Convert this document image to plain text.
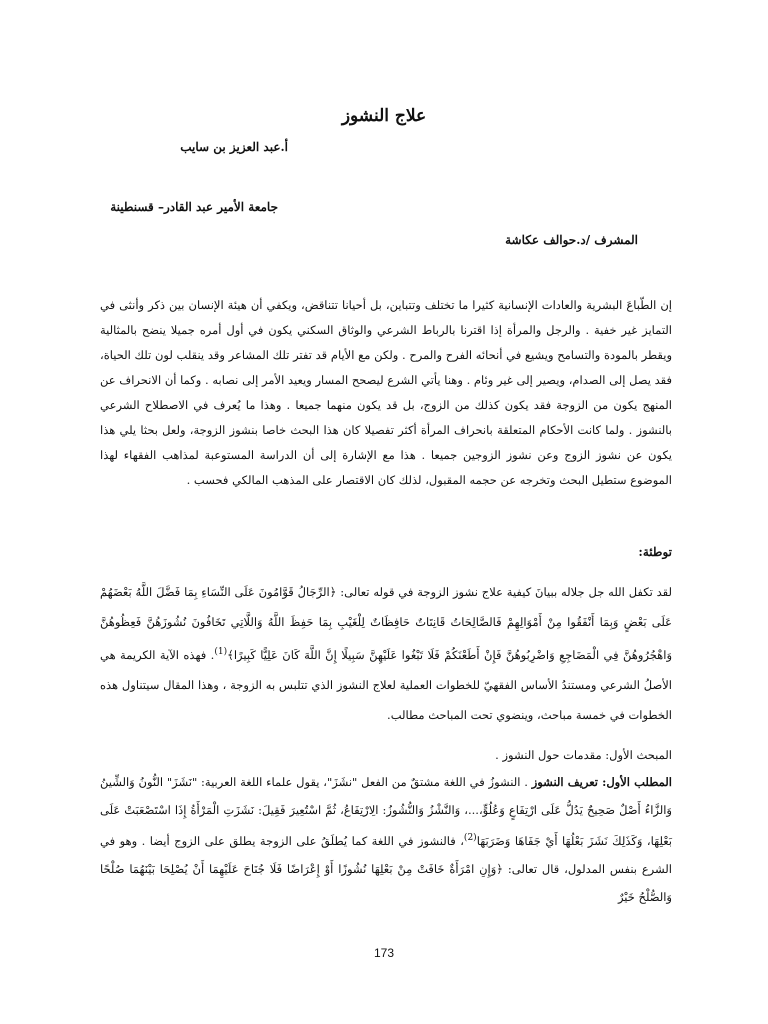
علاج النشوز
أ.عبد العزيز بن سايب
جامعة الأمير عبد القادر– قسنطينة
المشرف /د.حوالف عكاشة
إن الطّباعَ البشرية والعادات الإنسانية كثيرا ما تختلف وتتباين، بل أحيانا تتناقض، ويكفي أن هيئة الإنسان بين ذكر وأنثى في التمايز غير خفية . والرجل والمرأة إذا اقترنا بالرباط الشرعي والوثاق السكني يكون في أول أمره جميلا ينضح بالمثالية ويقطر بالمودة والتسامح ويشيع في أنحائه الفرح والمرح . ولكن مع الأيام قد تفتر تلك المشاعر وقد ينقلب لون تلك الحياة، فقد يصل إلى الصدام، ويصير إلى غير وئام . وهنا يأتي الشرع ليصحح المسار ويعيد الأمر إلى نصابه . وكما أن الانحراف عن المنهج يكون من الزوجة فقد يكون كذلك من الزوج، بل قد يكون منهما جميعا . وهذا ما يُعرف في الاصطلاح الشرعي بالنشوز . ولما كانت الأحكام المتعلقة بانحراف المرأة أكثر تفصيلا كان هذا البحث خاصا بنشوز الزوجة، ولعل بحثا يلي هذا يكون عن نشوز الزوج وعن نشوز الزوجين جميعا . هذا مع الإشارة إلى أن الدراسة المستوعبة لمذاهب الفقهاء لهذا الموضوع ستطيل البحث وتخرجه عن حجمه المقبول، لذلك كان الاقتصار على المذهب المالكي فحسب .
توطئة:
لقد تكفل الله جل جلاله ببيانَ كيفية علاج نشوز الزوجة في قوله تعالى: ﴿الرِّجَالُ قَوَّامُونَ عَلَى النِّسَاءِ بِمَا فَضَّلَ اللَّهُ بَعْضَهُمْ عَلَى بَعْضٍ وَبِمَا أَنْفَقُوا مِنْ أَمْوَالِهِمْ فَالصَّالِحَاتُ قَانِتَاتٌ حَافِظَاتٌ لِلْغَيْبِ بِمَا حَفِظَ اللَّهُ وَاللَّاتِي تَخَافُونَ نُشُوزَهُنَّ فَعِظُوهُنَّ وَاهْجُرُوهُنَّ فِي الْمَضَاجِعِ وَاضْرِبُوهُنَّ فَإِنْ أَطَعْنَكُمْ فَلَا تَبْغُوا عَلَيْهِنَّ سَبِيلًا إِنَّ اللَّهَ كَانَ عَلِيًّا كَبِيرًا﴾$^{(1)}$. فهذه الآية الكريمة هي الأصلُ الشرعي ومستندُ الأساس الفقهيّ للخطوات العملية لعلاج النشوز الذي تتلبس به الزوجة ، وهذا المقال سيتناول هذه الخطوات في خمسة مباحث، وينضوي تحت المباحث مطالب.
المبحث الأول: مقدمات حول النشوز .
المطلب الأول: تعريف النشوز . النشوزُ في اللغة مشتقٌ من الفعل "نشَزَ"، يقول علماء اللغة العربية: "نَشَزَ" النُّونُ وَالشِّينُ وَالزَّاءُ أَصْلٌ صَحِيحٌ يَدُلُّ عَلَى ارْتِفَاعٍ وَعُلُوٍّ،...، وَالنَّشْزُ وَالنُّشُوزُ: الِارْتِفَاعُ، ثُمَّ اسْتُعِيرَ فَقِيلَ: نَشَزَتِ الْمَرْأَةُ إِذَا اسْتَصْعَبَتْ عَلَى بَعْلِهَا، وَكَذَلِكَ نَشَزَ بَعْلُهَا أَيْ جَفَاهَا وَضَرَبَهَا$^{(2)}$، فالنشوز في اللغة كما يُطلَقُ على الزوجة يطلق على الزوج أيضا . وهو في الشرع بنفس المدلول، قال تعالى: ﴿وَإِنِ امْرَأَةٌ خَافَتْ مِنْ بَعْلِهَا نُشُوزًا أَوْ إِعْرَاضًا فَلَا جُنَاحَ عَلَيْهِمَا أَنْ يُصْلِحَا بَيْنَهُمَا صُلْحًا وَالصُّلْحُ خَيْرٌ
173
